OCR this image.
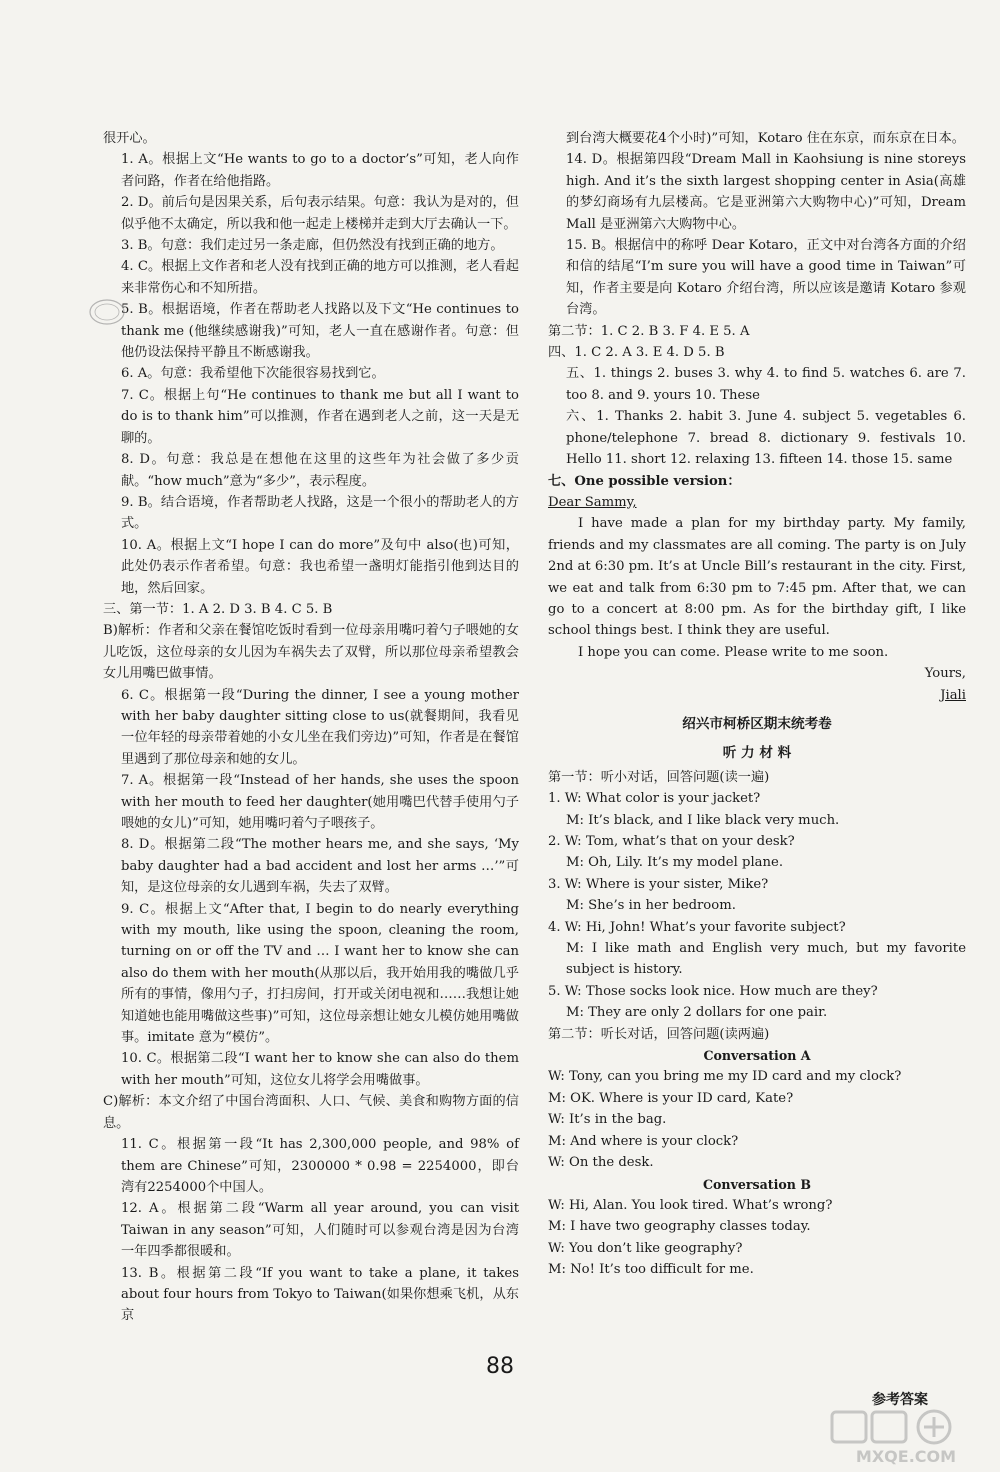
很开心。

1. A。根据上文“He wants to go to a doctor’s”可知，老人向作者问路，作者在给他指路。

2. D。前后句是因果关系，后句表示结果。句意：我认为是对的，但似乎他不太确定，所以我和他一起走上楼梯并走到大厅去确认一下。

3. B。句意：我们走过另一条走廊，但仍然没有找到正确的地方。

4. C。根据上文作者和老人没有找到正确的地方可以推测，老人看起来非常伤心和不知所措。

5. B。根据语境，作者在帮助老人找路以及下文“He continues to thank me (他继续感谢我)”可知，老人一直在感谢作者。句意：但他仍设法保持平静且不断感谢我。

6. A。句意：我希望他下次能很容易找到它。

7. C。根据上句“He continues to thank me but all I want to do is to thank him”可以推测，作者在遇到老人之前，这一天是无聊的。

8. D。句意：我总是在想他在这里的这些年为社会做了多少贡献。“how much”意为“多少”，表示程度。

9. B。结合语境，作者帮助老人找路，这是一个很小的帮助老人的方式。

10. A。根据上文“I hope I can do more”及句中 also(也)可知，此处仍表示作者希望。句意：我也希望一盏明灯能指引他到达目的地，然后回家。

三、第一节：1. A 2. D 3. B 4. C 5. B

B)解析：作者和父亲在餐馆吃饭时看到一位母亲用嘴叼着勺子喂她的女儿吃饭，这位母亲的女儿因为车祸失去了双臂，所以那位母亲希望教会女儿用嘴巴做事情。

6. C。根据第一段“During the dinner, I see a young mother with her baby daughter sitting close to us(就餐期间，我看见一位年轻的母亲带着她的小女儿坐在我们旁边)”可知，作者是在餐馆里遇到了那位母亲和她的女儿。

7. A。根据第一段“Instead of her hands, she uses the spoon with her mouth to feed her daughter(她用嘴巴代替手使用勺子喂她的女儿)”可知，她用嘴叼着勺子喂孩子。

8. D。根据第二段“The mother hears me, and she says, ‘My baby daughter had a bad accident and lost her arms …’”可知，是这位母亲的女儿遇到车祸，失去了双臂。

9. C。根据上文“After that, I begin to do nearly everything with my mouth, like using the spoon, cleaning the room, turning on or off the TV and … I want her to know she can also do them with her mouth(从那以后，我开始用我的嘴做几乎所有的事情，像用勺子，打扫房间，打开或关闭电视和……我想让她知道她也能用嘴做这些事)”可知，这位母亲想让她女儿模仿她用嘴做事。imitate 意为“模仿”。

10. C。根据第二段“I want her to know she can also do them with her mouth”可知，这位女儿将学会用嘴做事。

C)解析：本文介绍了中国台湾面积、人口、气候、美食和购物方面的信息。

11. C。根据第一段“It has 2,300,000 people, and 98% of them are Chinese”可知，2300000 * 0.98 = 2254000，即台湾有2254000个中国人。

12. A。根据第二段“Warm all year around, you can visit Taiwan in any season”可知，人们随时可以参观台湾是因为台湾一年四季都很暖和。

13. B。根据第二段“If you want to take a plane, it takes about four hours from Tokyo to Taiwan(如果你想乘飞机，从东京

到台湾大概要花4个小时)”可知，Kotaro 住在东京，而东京在日本。

14. D。根据第四段“Dream Mall in Kaohsiung is nine storeys high. And it’s the sixth largest shopping center in Asia(高雄的梦幻商场有九层楼高。它是亚洲第六大购物中心)”可知，Dream Mall 是亚洲第六大购物中心。

15. B。根据信中的称呼 Dear Kotaro，正文中对台湾各方面的介绍和信的结尾“I’m sure you will have a good time in Taiwan”可知，作者主要是向 Kotaro 介绍台湾，所以应该是邀请 Kotaro 参观台湾。

第二节：1. C 2. B 3. F 4. E 5. A

四、1. C 2. A 3. E 4. D 5. B

五、1. things 2. buses 3. why 4. to find 5. watches 6. are 7. too 8. and 9. yours 10. These

六、1. Thanks 2. habit 3. June 4. subject 5. vegetables 6. phone/telephone 7. bread 8. dictionary 9. festivals 10. Hello 11. short 12. relaxing 13. fifteen 14. those 15. same

七、One possible version：

Dear Sammy,

I have made a plan for my birthday party. My family, friends and my classmates are all coming. The party is on July 2nd at 6:30 pm. It’s at Uncle Bill’s restaurant in the city. First, we eat and talk from 6:30 pm to 7:45 pm. After that, we can go to a concert at 8:00 pm. As for the birthday gift, I like school things best. I think they are useful.

I hope you can come. Please write to me soon.

Yours,

Jiali

绍兴市柯桥区期末统考卷

听 力 材 料

第一节：听小对话，回答问题(读一遍)

1. W: What color is your jacket?

M: It’s black, and I like black very much.

2. W: Tom, what’s that on your desk?

M: Oh, Lily. It’s my model plane.

3. W: Where is your sister, Mike?

M: She’s in her bedroom.

4. W: Hi, John! What’s your favorite subject?

M: I like math and English very much, but my favorite subject is history.

5. W: Those socks look nice. How much are they?

M: They are only 2 dollars for one pair.

第二节：听长对话，回答问题(读两遍)

Conversation A

W: Tony, can you bring me my ID card and my clock?

M: OK. Where is your ID card, Kate?

W: It’s in the bag.

M: And where is your clock?

W: On the desk.

Conversation B

W: Hi, Alan. You look tired. What’s wrong?

M: I have two geography classes today.

W: You don’t like geography?

M: No! It’s too difficult for me.

88
参考答案
MXQE.COM
